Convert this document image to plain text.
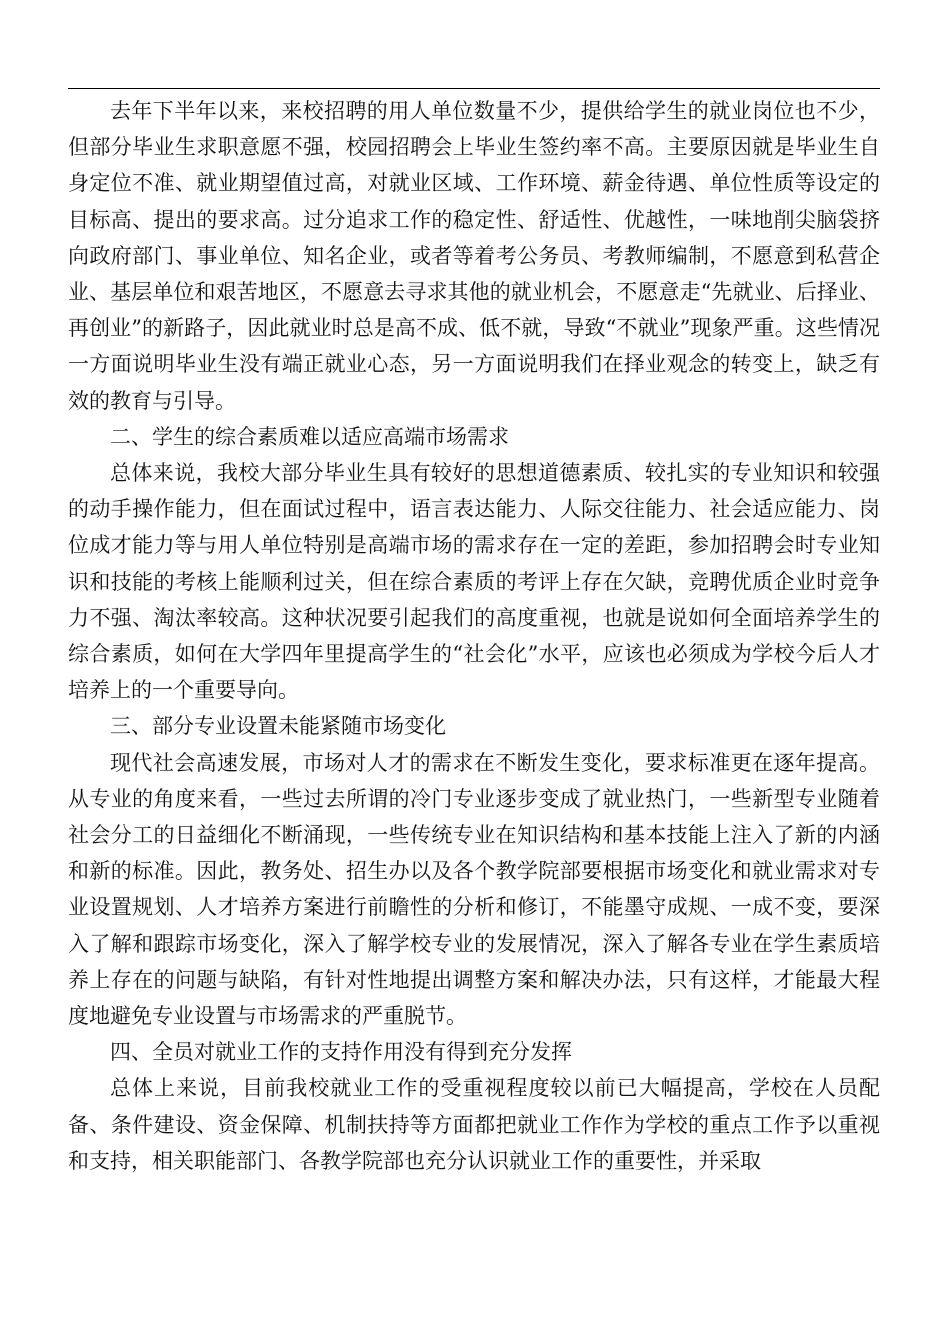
去年下半年以来，来校招聘的用人单位数量不少，提供给学生的就业岗位也不少，但部分毕业生求职意愿不强，校园招聘会上毕业生签约率不高。主要原因就是毕业生自身定位不准、就业期望值过高，对就业区域、工作环境、薪金待遇、单位性质等设定的目标高、提出的要求高。过分追求工作的稳定性、舒适性、优越性，一味地削尖脑袋挤向政府部门、事业单位、知名企业，或者等着考公务员、考教师编制，不愿意到私营企业、基层单位和艰苦地区，不愿意去寻求其他的就业机会，不愿意走“先就业、后择业、再创业”的新路子，因此就业时总是高不成、低不就，导致“不就业”现象严重。这些情况一方面说明毕业生没有端正就业心态，另一方面说明我们在择业观念的转变上，缺乏有效的教育与引导。

二、学生的综合素质难以适应高端市场需求

总体来说，我校大部分毕业生具有较好的思想道德素质、较扎实的专业知识和较强的动手操作能力，但在面试过程中，语言表达能力、人际交往能力、社会适应能力、岗位成才能力等与用人单位特别是高端市场的需求存在一定的差距，参加招聘会时专业知识和技能的考核上能顺利过关，但在综合素质的考评上存在欠缺，竞聘优质企业时竞争力不强、淘汰率较高。这种状况要引起我们的高度重视，也就是说如何全面培养学生的综合素质，如何在大学四年里提高学生的“社会化”水平，应该也必须成为学校今后人才培养上的一个重要导向。

三、部分专业设置未能紧随市场变化

现代社会高速发展，市场对人才的需求在不断发生变化，要求标准更在逐年提高。从专业的角度来看，一些过去所谓的冷门专业逐步变成了就业热门，一些新型专业随着社会分工的日益细化不断涌现，一些传统专业在知识结构和基本技能上注入了新的内涵和新的标准。因此，教务处、招生办以及各个教学院部要根据市场变化和就业需求对专业设置规划、人才培养方案进行前瞻性的分析和修订，不能墨守成规、一成不变，要深入了解和跟踪市场变化，深入了解学校专业的发展情况，深入了解各专业在学生素质培养上存在的问题与缺陷，有针对性地提出调整方案和解决办法，只有这样，才能最大程度地避免专业设置与市场需求的严重脱节。

四、全员对就业工作的支持作用没有得到充分发挥

总体上来说，目前我校就业工作的受重视程度较以前已大幅提高，学校在人员配备、条件建设、资金保障、机制扶持等方面都把就业工作作为学校的重点工作予以重视和支持，相关职能部门、各教学院部也充分认识就业工作的重要性，并采取
